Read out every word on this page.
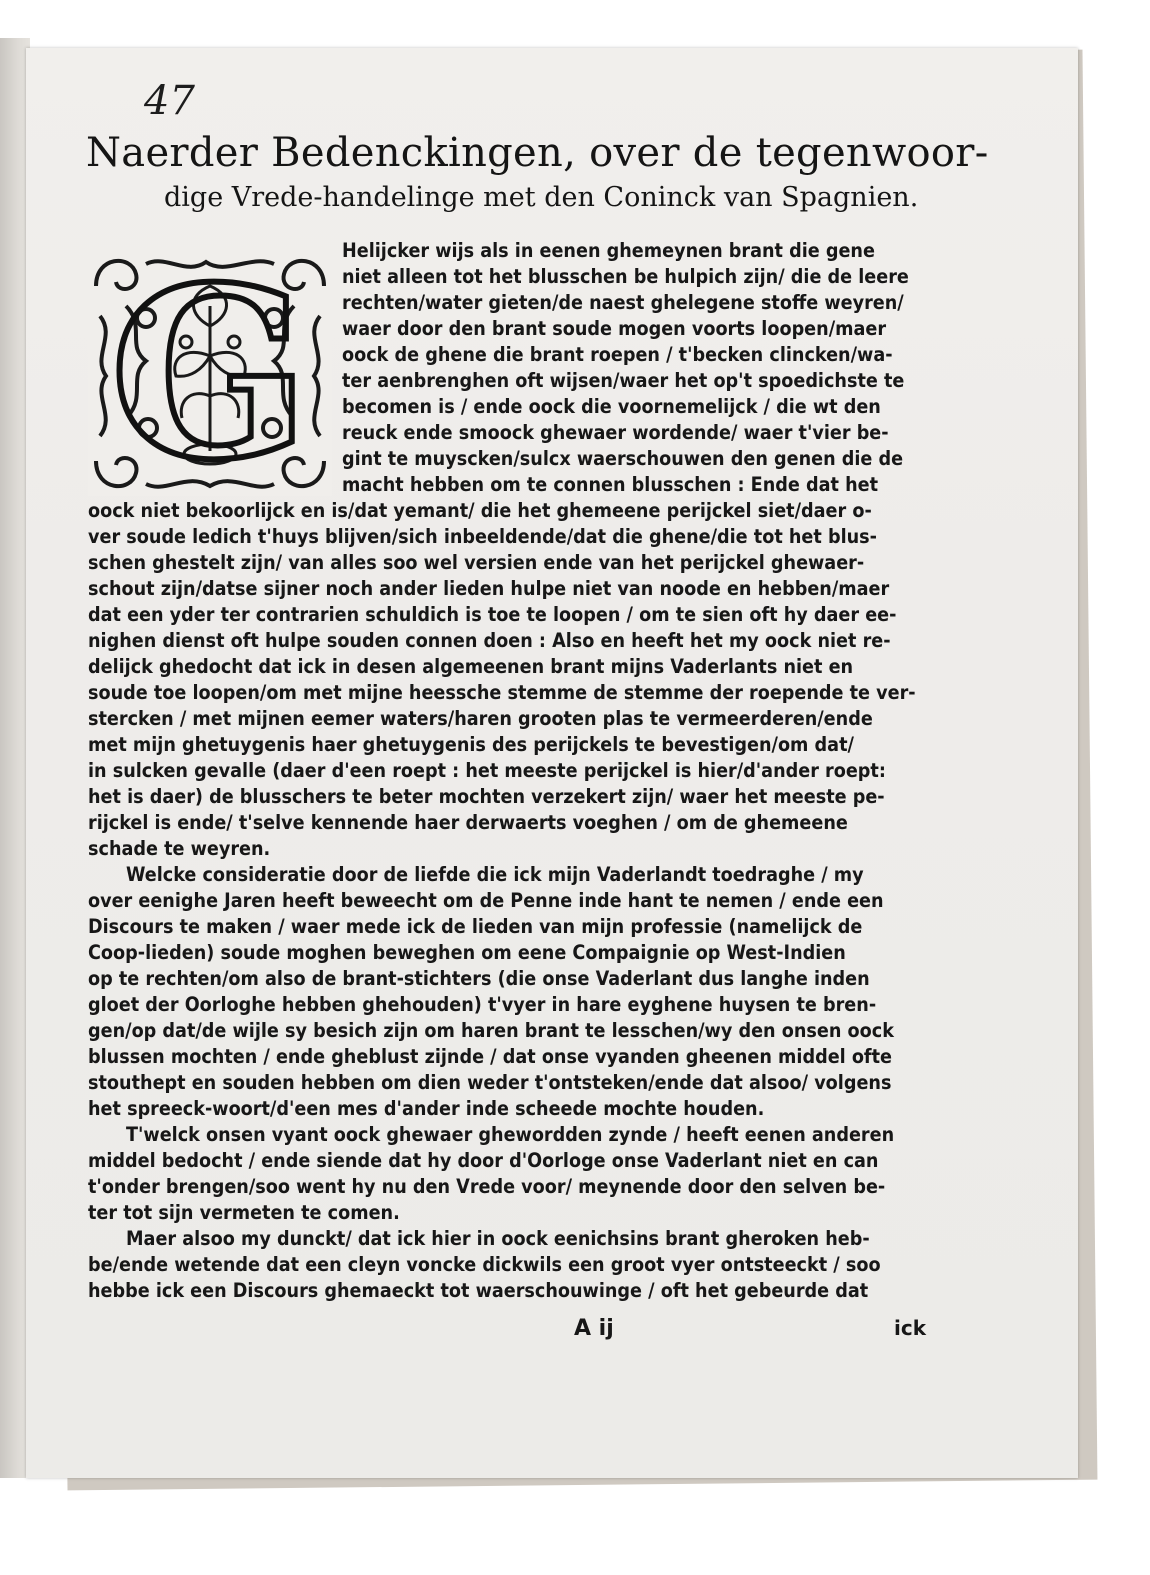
47

Naerder Bedenckingen, over de tegenwoor-
dige Vrede-handelinge met den Coninck van Spagnien.
G Helijcker wijs als in eenen ghemeynen brant die gene
niet alleen tot het blusschen be hulpich zijn/ die de leere
rechten/water gieten/de naest ghelegene stoffe weyren/
waer door den brant soude mogen voorts loopen/maer
oock de ghene die brant roepen / t'becken clincken/wa-
ter aenbrenghen oft wijsen/waer het op't spoedichste te
becomen is / ende oock die voornemelijck / die wt den
reuck ende smoock ghewaer wordende/ waer t'vier be-
gint te muyscken/sulcx waerschouwen den genen die de
macht hebben om te connen blusschen : Ende dat het
oock niet bekoorlijck en is/dat yemant/ die het ghemeene perijckel siet/daer o-
ver soude ledich t'huys blijven/sich inbeeldende/dat die ghene/die tot het blus-
schen ghestelt zijn/ van alles soo wel versien ende van het perijckel ghewaer-
schout zijn/datse sijner noch ander lieden hulpe niet van noode en hebben/maer
dat een yder ter contrarien schuldich is toe te loopen / om te sien oft hy daer ee-
nighen dienst oft hulpe souden connen doen : Also en heeft het my oock niet re-
delijck ghedocht dat ick in desen algemeenen brant mijns Vaderlants niet en
soude toe loopen/om met mijne heessche stemme de stemme der roepende te ver-
stercken / met mijnen eemer waters/haren grooten plas te vermeerderen/ende
met mijn ghetuygenis haer ghetuygenis des perijckels te bevestigen/om dat/
in sulcken gevalle (daer d'een roept : het meeste perijckel is hier/d'ander roept:
het is daer) de blusschers te beter mochten verzekert zijn/ waer het meeste pe-
rijckel is ende/ t'selve kennende haer derwaerts voeghen / om de ghemeene
schade te weyren.
Welcke consideratie door de liefde die ick mijn Vaderlandt toedraghe / my
over eenighe Jaren heeft beweecht om de Penne inde hant te nemen / ende een
Discours te maken / waer mede ick de lieden van mijn professie (namelijck de
Coop-lieden) soude moghen beweghen om eene Compaignie op West-Indien
op te rechten/om also de brant-stichters (die onse Vaderlant dus langhe inden
gloet der Oorloghe hebben ghehouden) t'vyer in hare eyghene huysen te bren-
gen/op dat/de wijle sy besich zijn om haren brant te lesschen/wy den onsen oock
blussen mochten / ende gheblust zijnde / dat onse vyanden gheenen middel ofte
stouthept en souden hebben om dien weder t'ontsteken/ende dat alsoo/ volgens
het spreeck-woort/d'een mes d'ander inde scheede mochte houden.
T'welck onsen vyant oock ghewaer ghewordden zynde / heeft eenen anderen
middel bedocht / ende siende dat hy door d'Oorloge onse Vaderlant niet en can
t'onder brengen/soo went hy nu den Vrede voor/ meynende door den selven be-
ter tot sijn vermeten te comen.
Maer alsoo my dunckt/ dat ick hier in oock eenichsins brant gheroken heb-
be/ende wetende dat een cleyn voncke dickwils een groot vyer ontsteeckt / soo
hebbe ick een Discours ghemaeckt tot waerschouwinge / oft het gebeurde dat

A ij	ick
